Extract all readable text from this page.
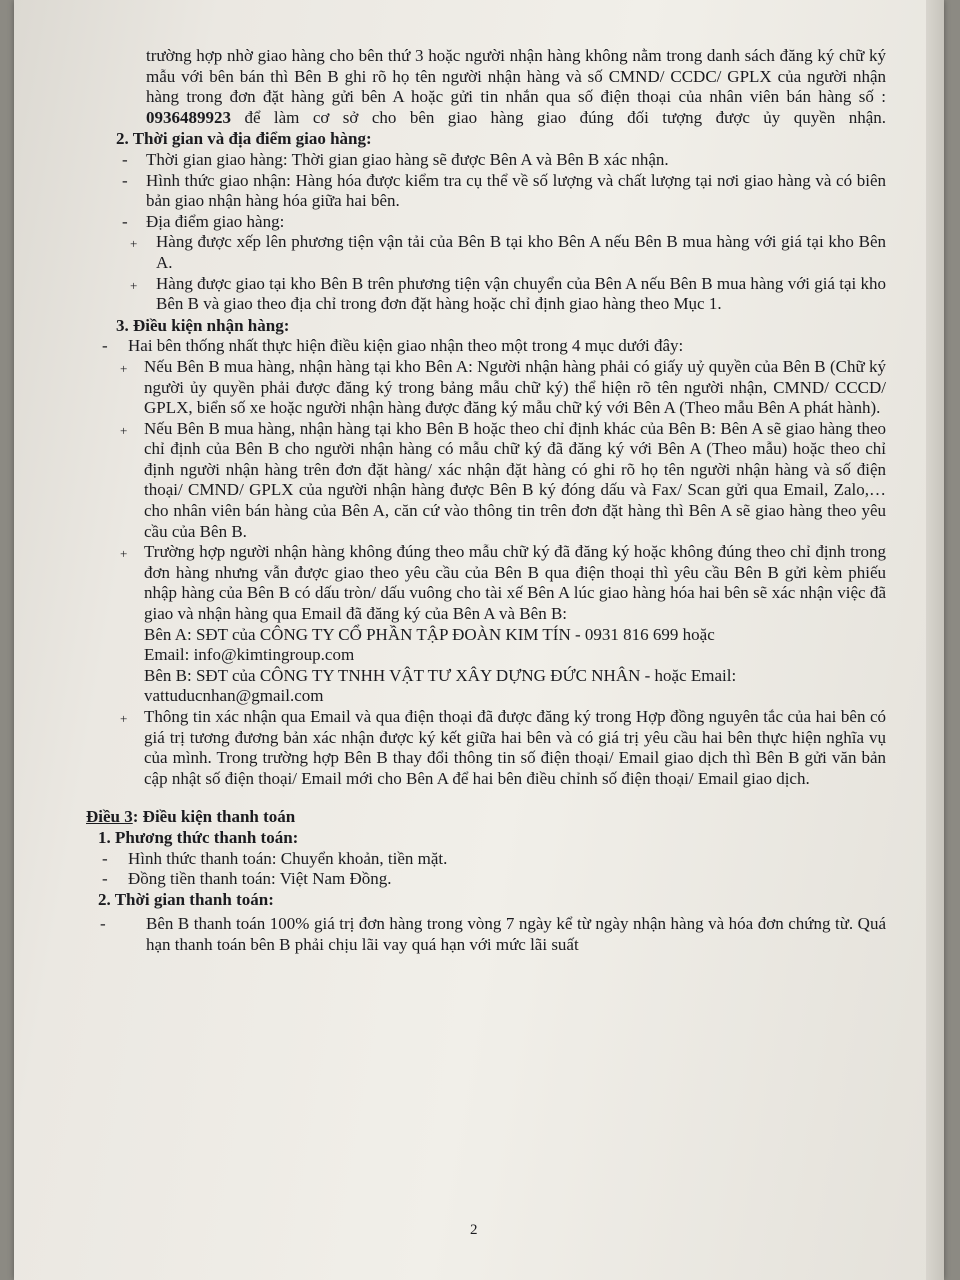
trường hợp nhờ giao hàng cho bên thứ 3 hoặc người nhận hàng không nằm trong danh sách đăng ký chữ ký mẫu với bên bán thì Bên B ghi rõ họ tên người nhận hàng và số CMND/ CCDC/ GPLX của người nhận hàng trong đơn đặt hàng gửi bên A hoặc gửi tin nhắn qua số điện thoại của nhân viên bán hàng số : 0936489923 để làm cơ sở cho bên giao hàng giao đúng đối tượng được ủy quyền nhận.

2. Thời gian và địa điểm giao hàng:

- Thời gian giao hàng: Thời gian giao hàng sẽ được Bên A và Bên B xác nhận.
- Hình thức giao nhận: Hàng hóa được kiểm tra cụ thể về số lượng và chất lượng tại nơi giao hàng và có biên bản giao nhận hàng hóa giữa hai bên.
- Địa điểm giao hàng:
+ Hàng được xếp lên phương tiện vận tải của Bên B tại kho Bên A nếu Bên B mua hàng với giá tại kho Bên A.
+ Hàng được giao tại kho Bên B trên phương tiện vận chuyển của Bên A nếu Bên B mua hàng với giá tại kho Bên B và giao theo địa chỉ trong đơn đặt hàng hoặc chỉ định giao hàng theo Mục 1.

3. Điều kiện nhận hàng:

- Hai bên thống nhất thực hiện điều kiện giao nhận theo một trong 4 mục dưới đây:
+ Nếu Bên B mua hàng, nhận hàng tại kho Bên A: Người nhận hàng phải có giấy uỷ quyền của Bên B (Chữ ký người ủy quyền phải được đăng ký trong bảng mẫu chữ ký) thể hiện rõ tên người nhận, CMND/ CCCD/ GPLX, biển số xe hoặc người nhận hàng được đăng ký mẫu chữ ký với Bên A (Theo mẫu Bên A phát hành).
+ Nếu Bên B mua hàng, nhận hàng tại kho Bên B hoặc theo chỉ định khác của Bên B: Bên A sẽ giao hàng theo chỉ định của Bên B cho người nhận hàng có mẫu chữ ký đã đăng ký với Bên A (Theo mẫu) hoặc theo chỉ định người nhận hàng trên đơn đặt hàng/ xác nhận đặt hàng có ghi rõ họ tên người nhận hàng và số điện thoại/ CMND/ GPLX của người nhận hàng được Bên B ký đóng dấu và Fax/ Scan gửi qua Email, Zalo,… cho nhân viên bán hàng của Bên A, căn cứ vào thông tin trên đơn đặt hàng thì Bên A sẽ giao hàng theo yêu cầu của Bên B.
+ Trường hợp người nhận hàng không đúng theo mẫu chữ ký đã đăng ký hoặc không đúng theo chỉ định trong đơn hàng nhưng vẫn được giao theo yêu cầu của Bên B qua điện thoại thì yêu cầu Bên B gửi kèm phiếu nhập hàng của Bên B có dấu tròn/ dấu vuông cho tài xế Bên A lúc giao hàng hóa hai bên sẽ xác nhận việc đã giao và nhận hàng qua Email đã đăng ký của Bên A và Bên B:

Bên A: SĐT của CÔNG TY CỔ PHẦN TẬP ĐOÀN KIM TÍN - 0931 816 699 hoặc

Email: info@kimtingroup.com

Bên B: SĐT của CÔNG TY TNHH VẬT TƯ XÂY DỰNG ĐỨC NHÂN - hoặc Email:

vattuducnhan@gmail.com

+ Thông tin xác nhận qua Email và qua điện thoại đã được đăng ký trong Hợp đồng nguyên tắc của hai bên có giá trị tương đương bản xác nhận được ký kết giữa hai bên và có giá trị yêu cầu hai bên thực hiện nghĩa vụ của mình. Trong trường hợp Bên B thay đổi thông tin số điện thoại/ Email giao dịch thì Bên B gửi văn bản cập nhật số điện thoại/ Email mới cho Bên A để hai bên điều chỉnh số điện thoại/ Email giao dịch.

Điều 3: Điều kiện thanh toán

1. Phương thức thanh toán:

- Hình thức thanh toán: Chuyển khoản, tiền mặt.
- Đồng tiền thanh toán: Việt Nam Đồng.

2. Thời gian thanh toán:

- Bên B thanh toán 100% giá trị đơn hàng trong vòng 7 ngày kể từ ngày nhận hàng và hóa đơn chứng từ. Quá hạn thanh toán bên B phải chịu lãi vay quá hạn với mức lãi suất
2
